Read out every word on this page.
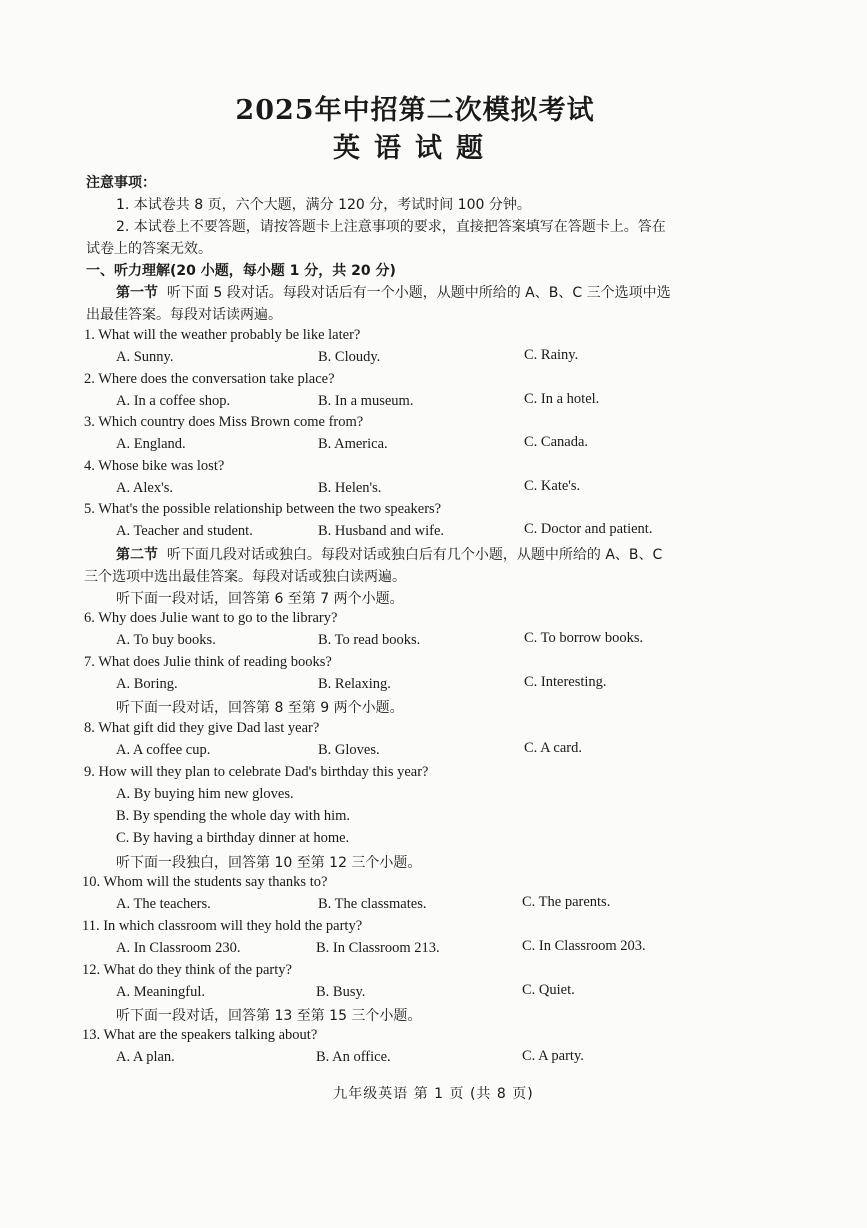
2025年中招第二次模拟考试
英语试题
注意事项：
1. 本试卷共 8 页，六个大题，满分 120 分，考试时间 100 分钟。
2. 本试卷上不要答题，请按答题卡上注意事项的要求，直接把答案填写在答题卡上。答在
试卷上的答案无效。
一、听力理解(20 小题，每小题 1 分，共 20 分)
第一节 听下面 5 段对话。每段对话后有一个小题，从题中所给的 A、B、C 三个选项中选
出最佳答案。每段对话读两遍。
1. What will the weather probably be like later?
A. Sunny.	B. Cloudy.	C. Rainy.
2. Where does the conversation take place?
A. In a coffee shop.	B. In a museum.	C. In a hotel.
3. Which country does Miss Brown come from?
A. England.	B. America.	C. Canada.
4. Whose bike was lost?
A. Alex's.	B. Helen's.	C. Kate's.
5. What's the possible relationship between the two speakers?
A. Teacher and student.	B. Husband and wife.	C. Doctor and patient.
第二节 听下面几段对话或独白。每段对话或独白后有几个小题，从题中所给的 A、B、C
三个选项中选出最佳答案。每段对话或独白读两遍。
听下面一段对话，回答第 6 至第 7 两个小题。
6. Why does Julie want to go to the library?
A. To buy books.	B. To read books.	C. To borrow books.
7. What does Julie think of reading books?
A. Boring.	B. Relaxing.	C. Interesting.
听下面一段对话，回答第 8 至第 9 两个小题。
8. What gift did they give Dad last year?
A. A coffee cup.	B. Gloves.	C. A card.
9. How will they plan to celebrate Dad's birthday this year?
A. By buying him new gloves.
B. By spending the whole day with him.
C. By having a birthday dinner at home.
听下面一段独白，回答第 10 至第 12 三个小题。
10. Whom will the students say thanks to?
A. The teachers.	B. The classmates.	C. The parents.
11. In which classroom will they hold the party?
A. In Classroom 230.	B. In Classroom 213.	C. In Classroom 203.
12. What do they think of the party?
A. Meaningful.	B. Busy.	C. Quiet.
听下面一段对话，回答第 13 至第 15 三个小题。
13. What are the speakers talking about?
A. A plan.	B. An office.	C. A party.
九年级英语 第 1 页 (共 8 页)
